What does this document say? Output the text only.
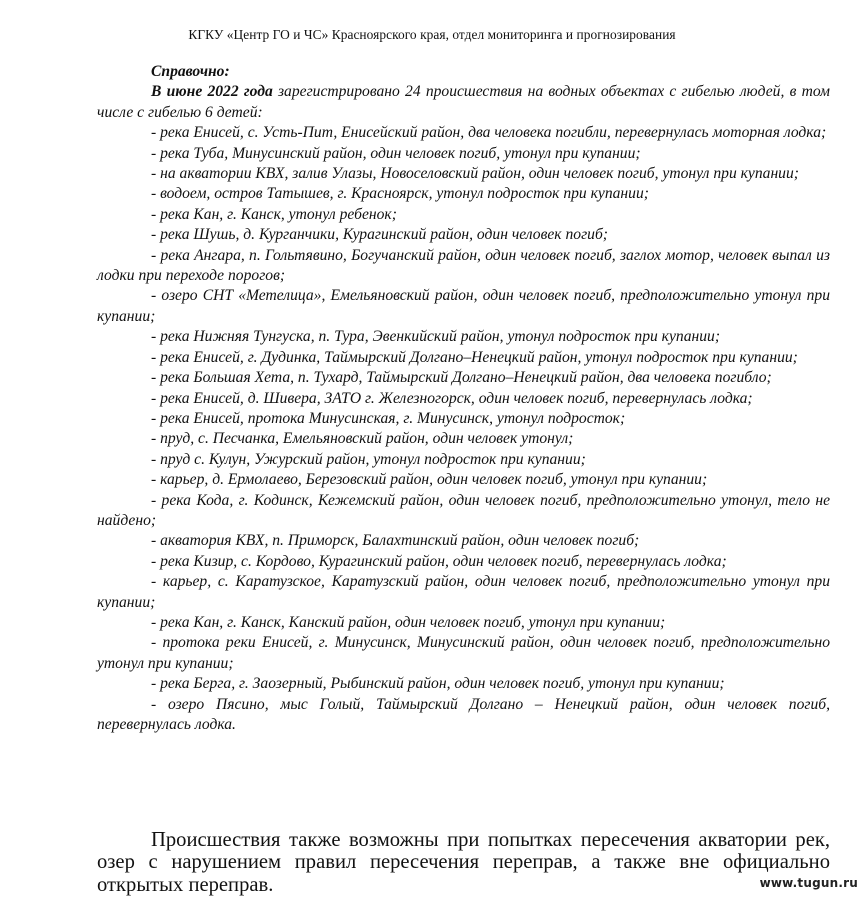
КГКУ «Центр ГО и ЧС» Красноярского края, отдел мониторинга и прогнозирования

Справочно:

В июне 2022 года зарегистрировано 24 происшествия на водных объектах с гибелью людей, в том числе с гибелью 6 детей:

- река Енисей, с. Усть-Пит, Енисейский район, два человека погибли, перевернулась моторная лодка;

- река Туба, Минусинский район, один человек погиб, утонул при купании;

- на акватории КВХ, залив Улазы, Новоселовский район, один человек погиб, утонул при купании;

- водоем, остров Татышев, г. Красноярск, утонул подросток при купании;

- река Кан, г. Канск, утонул ребенок;

- река Шушь, д. Курганчики, Курагинский район, один человек погиб;

- река Ангара, п. Гольтявино, Богучанский район, один человек погиб, заглох мотор, человек выпал из лодки при переходе порогов;

- озеро СНТ «Метелица», Емельяновский район, один человек погиб, предположительно утонул при купании;

- река Нижняя Тунгуска, п. Тура, Эвенкийский район, утонул подросток при купании;

- река Енисей, г. Дудинка, Таймырский Долгано–Ненецкий район, утонул подросток при купании;

- река Большая Хета, п. Тухард, Таймырский Долгано–Ненецкий район, два человека погибло;

- река Енисей, д. Шивера, ЗАТО г. Железногорск, один человек погиб, перевернулась лодка;

- река Енисей, протока Минусинская, г. Минусинск, утонул подросток;

- пруд, с. Песчанка, Емельяновский район, один человек утонул;

- пруд с. Кулун, Ужурский район, утонул подросток при купании;

- карьер, д. Ермолаево, Березовский район, один человек погиб, утонул при купании;

- река Кода, г. Кодинск, Кежемский район, один человек погиб, предположительно утонул, тело не найдено;

- акватория КВХ, п. Приморск, Балахтинский район, один человек погиб;

- река Кизир, с. Кордово, Курагинский район, один человек погиб, перевернулась лодка;

- карьер, с. Каратузское, Каратузский район, один человек погиб, предположительно утонул при купании;

- река Кан, г. Канск, Канский район, один человек погиб, утонул при купании;

- протока реки Енисей, г. Минусинск, Минусинский район, один человек погиб, предположительно утонул при купании;

- река Берга, г. Заозерный, Рыбинский район, один человек погиб, утонул при купании;

- озеро Пясино, мыс Голый, Таймырский Долгано – Ненецкий район, один человек погиб, перевернулась лодка.

Происшествия также возможны при попытках пересечения акватории рек, озер с нарушением правил пересечения переправ, а также вне официально открытых переправ.	www.tugun.ru
